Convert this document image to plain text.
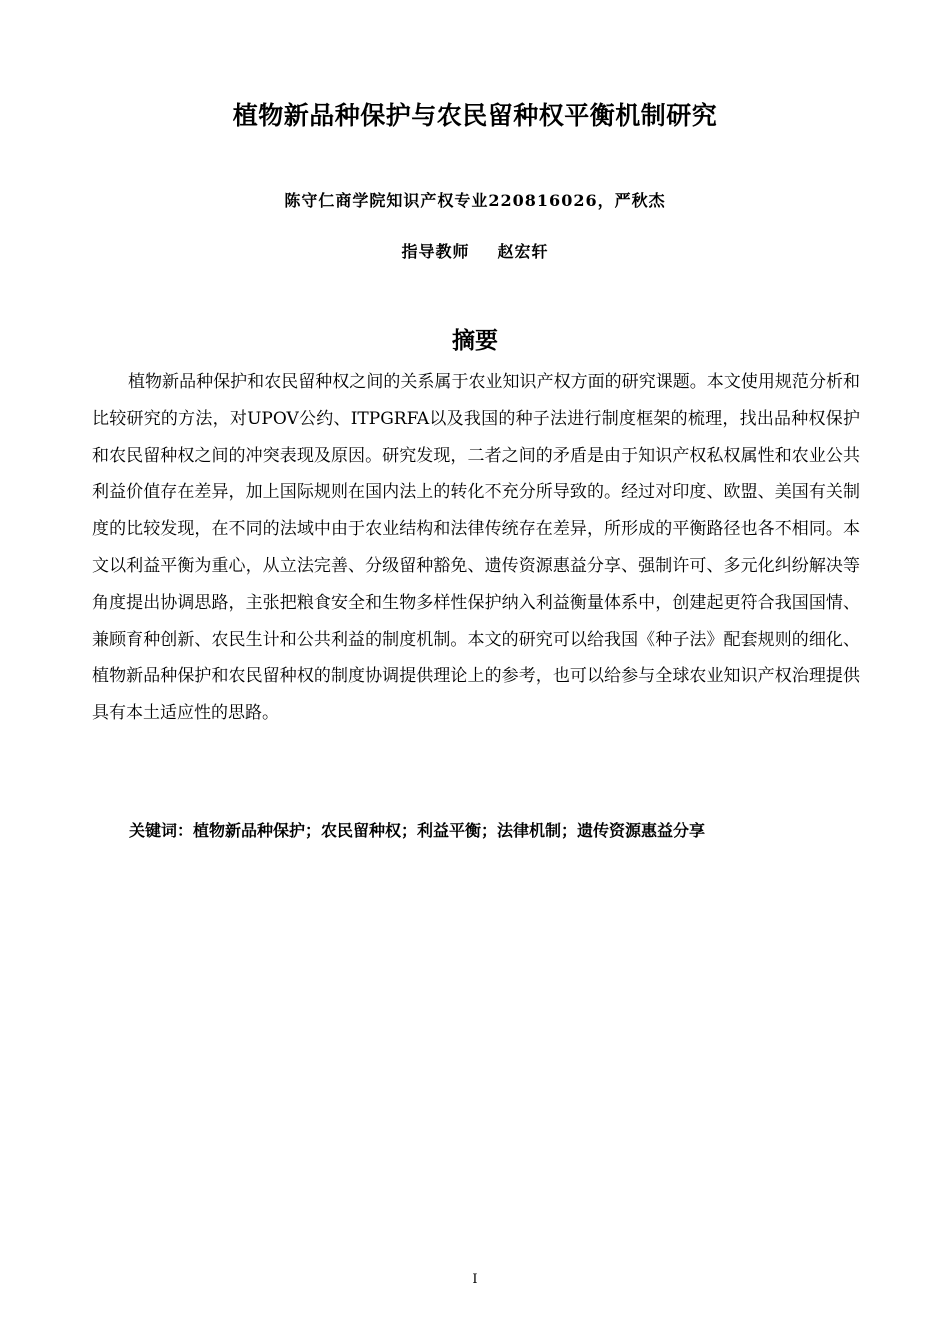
植物新品种保护与农民留种权平衡机制研究
陈守仁商学院知识产权专业220816026，严秋杰
指导教师 赵宏轩
摘要

植物新品种保护和农民留种权之间的关系属于农业知识产权方面的研究课题。本文使用规范分析和比较研究的方法，对UPOV公约、ITPGRFA以及我国的种子法进行制度框架的梳理，找出品种权保护和农民留种权之间的冲突表现及原因。研究发现，二者之间的矛盾是由于知识产权私权属性和农业公共利益价值存在差异，加上国际规则在国内法上的转化不充分所导致的。经过对印度、欧盟、美国有关制度的比较发现，在不同的法域中由于农业结构和法律传统存在差异，所形成的平衡路径也各不相同。本文以利益平衡为重心，从立法完善、分级留种豁免、遗传资源惠益分享、强制许可、多元化纠纷解决等角度提出协调思路，主张把粮食安全和生物多样性保护纳入利益衡量体系中，创建起更符合我国国情、兼顾育种创新、农民生计和公共利益的制度机制。本文的研究可以给我国《种子法》配套规则的细化、植物新品种保护和农民留种权的制度协调提供理论上的参考，也可以给参与全球农业知识产权治理提供具有本土适应性的思路。

关键词：植物新品种保护；农民留种权；利益平衡；法律机制；遗传资源惠益分享
I
